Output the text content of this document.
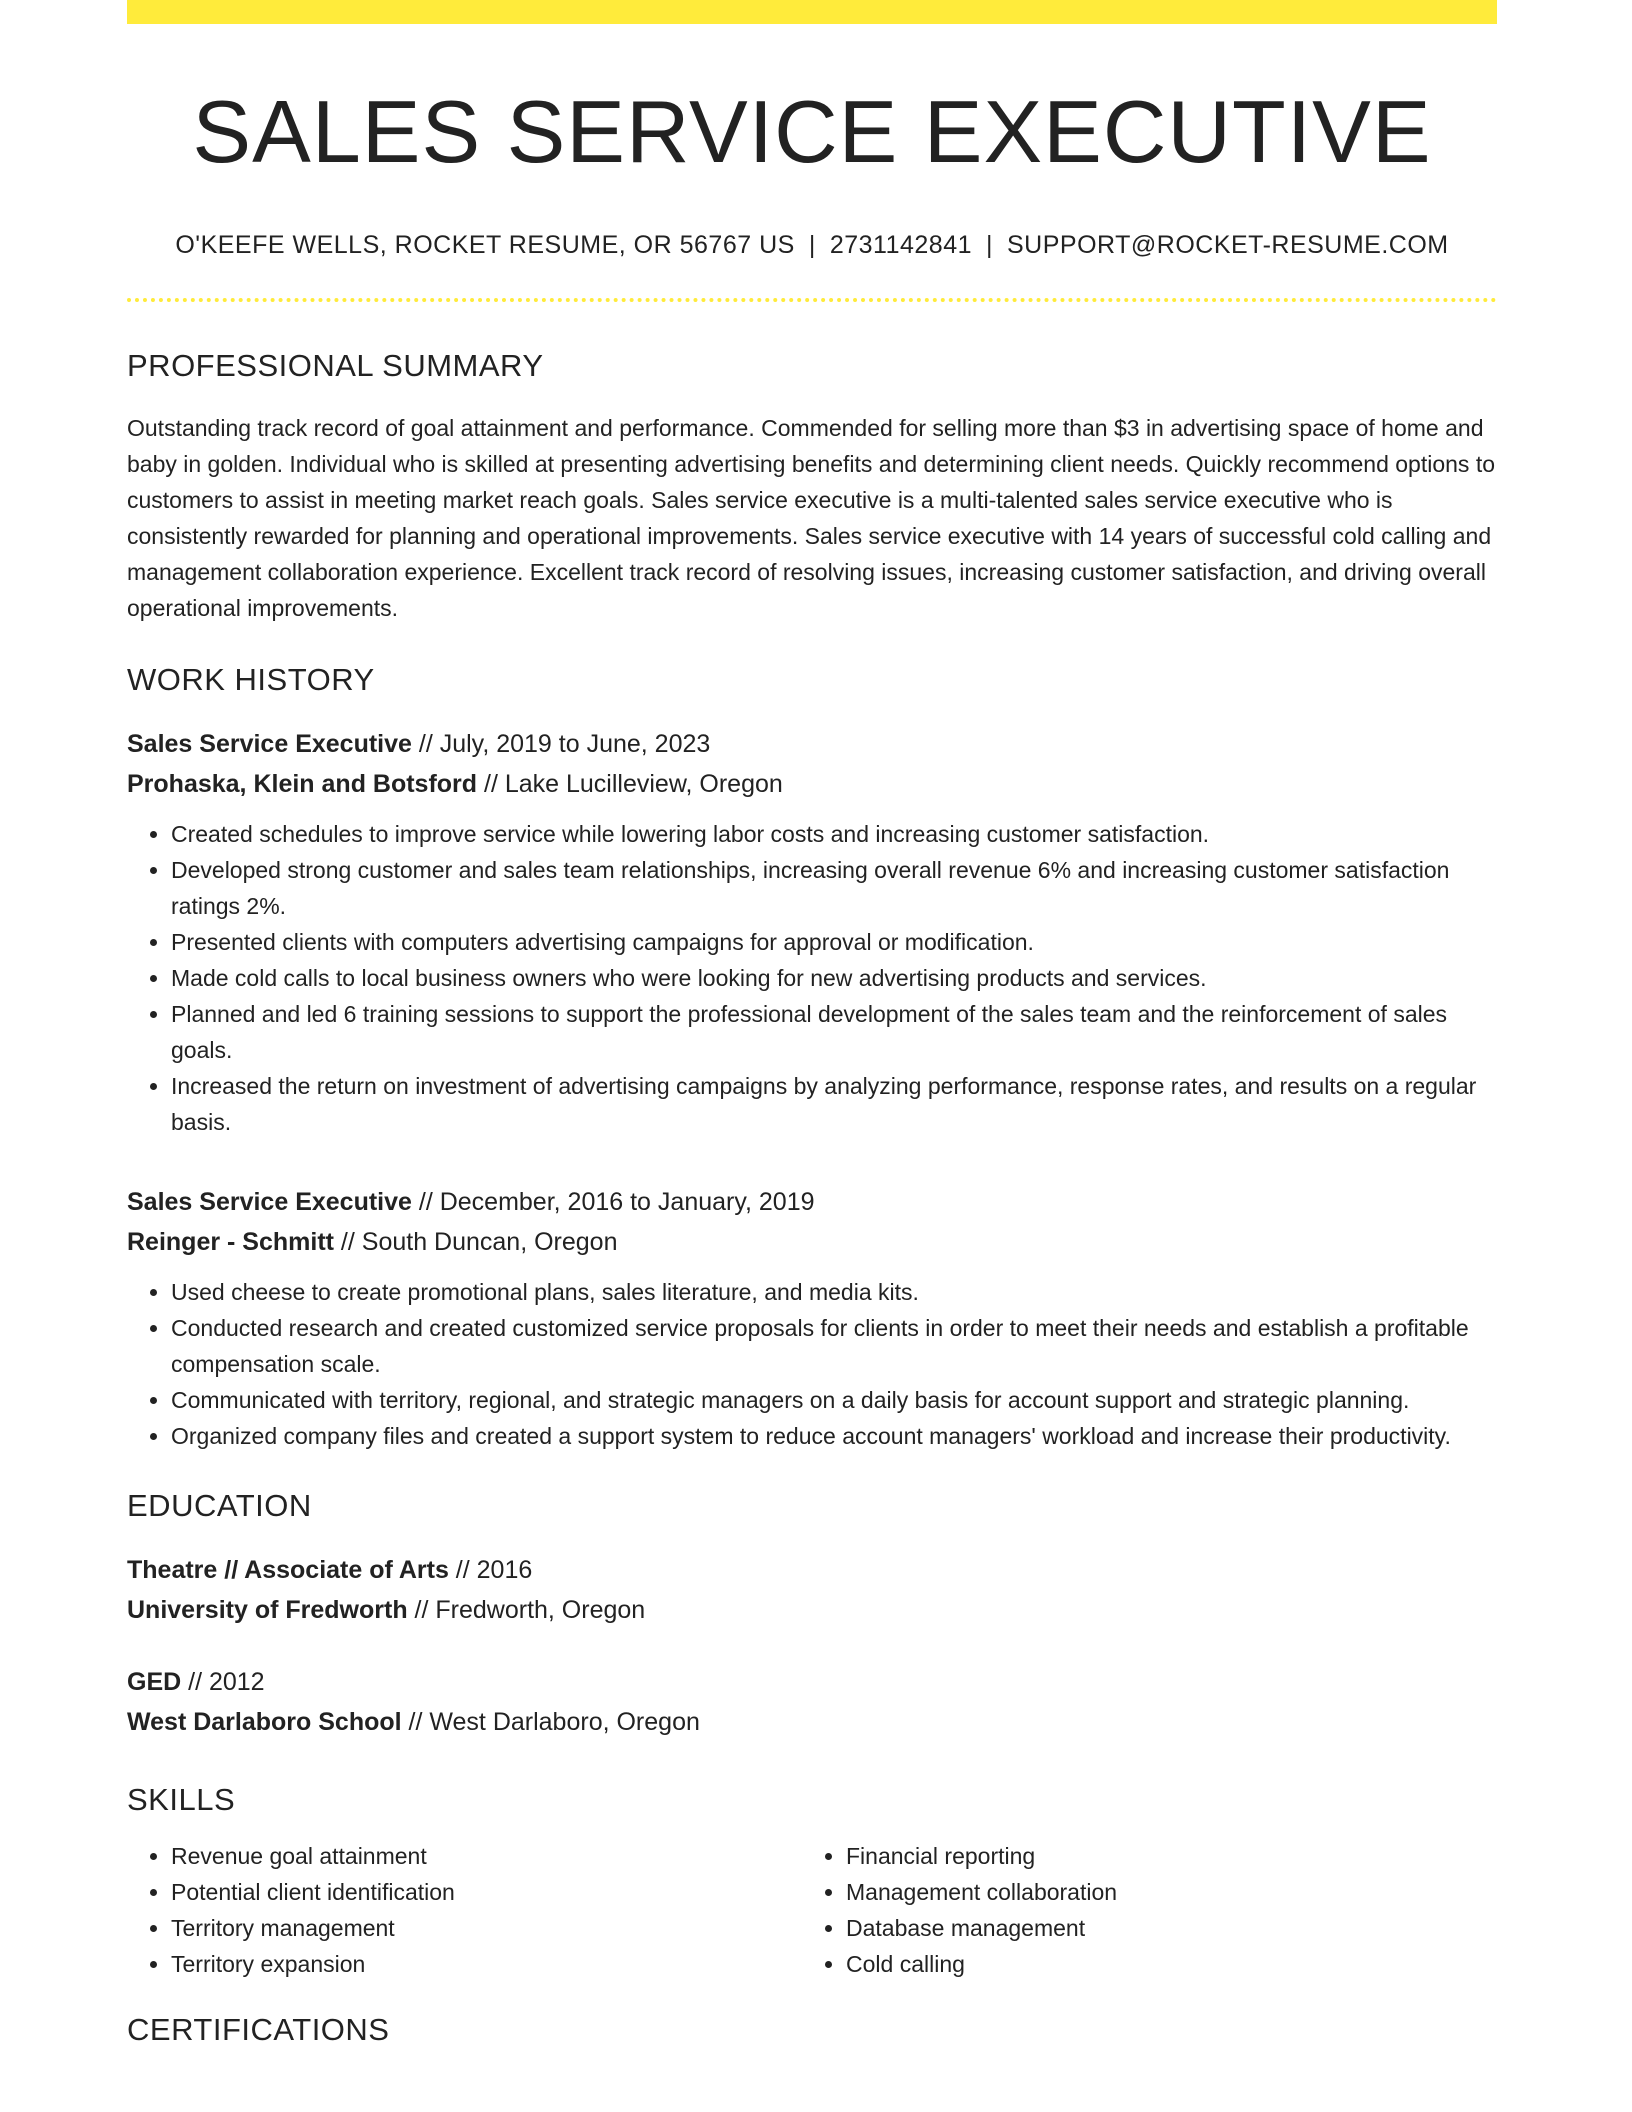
SALES SERVICE EXECUTIVE
O'KEEFE WELLS, ROCKET RESUME, OR 56767 US | 2731142841 | SUPPORT@ROCKET-RESUME.COM
PROFESSIONAL SUMMARY
Outstanding track record of goal attainment and performance. Commended for selling more than $3 in advertising space of home and baby in golden. Individual who is skilled at presenting advertising benefits and determining client needs. Quickly recommend options to customers to assist in meeting market reach goals. Sales service executive is a multi-talented sales service executive who is consistently rewarded for planning and operational improvements. Sales service executive with 14 years of successful cold calling and management collaboration experience. Excellent track record of resolving issues, increasing customer satisfaction, and driving overall operational improvements.
WORK HISTORY
Sales Service Executive // July, 2019 to June, 2023
Prohaska, Klein and Botsford // Lake Lucilleview, Oregon
• Created schedules to improve service while lowering labor costs and increasing customer satisfaction.
• Developed strong customer and sales team relationships, increasing overall revenue 6% and increasing customer satisfaction ratings 2%.
• Presented clients with computers advertising campaigns for approval or modification.
• Made cold calls to local business owners who were looking for new advertising products and services.
• Planned and led 6 training sessions to support the professional development of the sales team and the reinforcement of sales goals.
• Increased the return on investment of advertising campaigns by analyzing performance, response rates, and results on a regular basis.
Sales Service Executive // December, 2016 to January, 2019
Reinger - Schmitt // South Duncan, Oregon
• Used cheese to create promotional plans, sales literature, and media kits.
• Conducted research and created customized service proposals for clients in order to meet their needs and establish a profitable compensation scale.
• Communicated with territory, regional, and strategic managers on a daily basis for account support and strategic planning.
• Organized company files and created a support system to reduce account managers' workload and increase their productivity.
EDUCATION
Theatre // Associate of Arts // 2016
University of Fredworth // Fredworth, Oregon
GED // 2012
West Darlaboro School // West Darlaboro, Oregon
SKILLS
• Revenue goal attainment
• Potential client identification
• Territory management
• Territory expansion
• Financial reporting
• Management collaboration
• Database management
• Cold calling
CERTIFICATIONS
